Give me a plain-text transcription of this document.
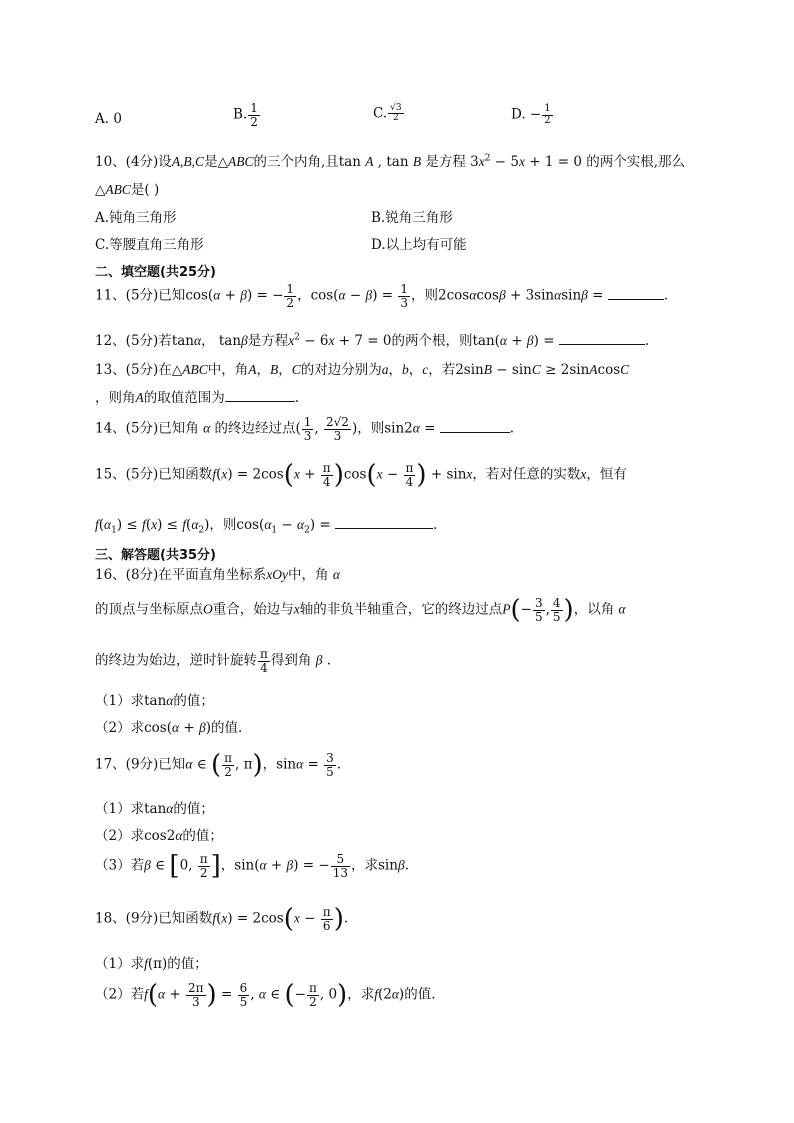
A. 0	B. $\frac{1}{2}$	C. $\frac{√3}{2}$	D. − $\frac{1}{2}$
10、(4分)设A,B,C是△ABC的三个内角,且tan A , tan B 是方程 $3x^2 - 5x + 1 = 0$ 的两个实根,那么
△ABC是( )
A.钝角三角形	B.锐角三角形
C.等腰直角三角形	D.以上均有可能
二、填空题(共25分)
11、(5分)已知cos(α + β) = − $\frac{1}{2}$ ，$\cos(\alpha - \beta) = \frac{1}{3}$ ，则2cosαcosβ + 3sinαsinβ =	.
12、(5分)若tanα， tanβ是方程$x^2 - 6x + 7 = 0$的两个根，则tan(α + β) =	.
13、(5分)在△ABC中，角A，B，C的对边分别为a，b，c，若2sinB − sinC ≥ 2sinAcosC
，则角A的取值范围为	.
14、(5分)已知角 α 的终边经过点( $\frac{1}{3}$ , $\frac{2√2}{3}$ )，则sin2α =	.
15、(5分)已知函数$f(x) = 2\cos(x + \frac{\pi}{4} )\cos(x - \frac{\pi}{4}$ ) + sinx，若对任意的实数x，恒有
$f(\alpha_1) \le f(x) \le f(\alpha_2)$，则$\cos(\alpha_1 - \alpha_2)$ =	.
三、解答题(共35分)
16、(8分)在平面直角坐标系xOy中，角 α
的顶点与坐标原点O重合，始边与x轴的非负半轴重合，它的终边过点$P(- \frac{3}{5}$ , $\frac{4}{5}$ )，以角 α
的终边为始边，逆时针旋转 $\frac{\pi}{4}$ 得到角 β .
（1）求tanα的值；
（2）求cos(α + β)的值.
17、(9分)已知α ∈ ( $\frac{\pi}{2}$ , π)，$\sin\alpha = \frac{3}{5}$ .
（1）求tanα的值；
（2）求cos2α的值；
（3）若β ∈ [0, $\frac{\pi}{2}$ ]，sin(α + β) = − $\frac{5}{13}$ ，求sinβ.
18、(9分)已知函数$f(x) = 2\cos(x - \frac{\pi}{6}$ ).
（1）求f(π)的值；
（2）若$f(\alpha + \frac{2\pi}{3}$ ) = $\frac{6}{5}$ , α ∈ (− $\frac{\pi}{2}$ , 0)，求f(2α)的值.
